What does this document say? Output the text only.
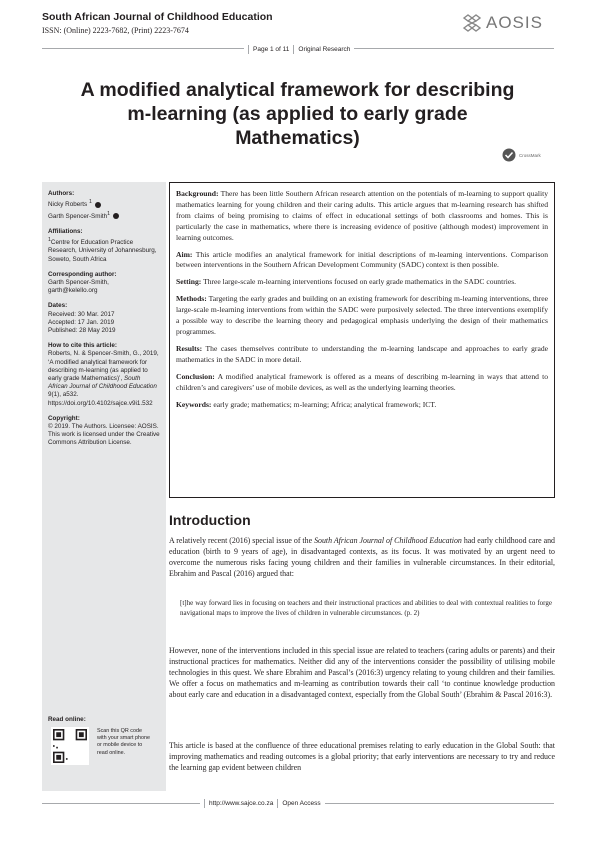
South African Journal of Childhood Education
ISSN: (Online) 2223-7682, (Print) 2223-7674	AOSIS
Page 1 of 11 Original Research
A modified analytical framework for describing m-learning (as applied to early grade Mathematics)
CrossMark
Authors:
Nicky Roberts $^1$
Garth Spencer-Smith$^1$
Affiliations:
$^1$Centre for Education Practice Research, University of Johannesburg, Soweto, South Africa
Corresponding author:
Garth Spencer-Smith,
garth@kelello.org
Dates:
Received: 30 Mar. 2017
Accepted: 17 Jan. 2019
Published: 28 May 2019
How to cite this article:
Roberts, N. & Spencer-Smith, G., 2019, ‘A modified analytical framework for describing m-learning (as applied to early grade Mathematics)’, South African Journal of Childhood Education 9(1), a532. https://doi.org/10.4102/sajce.v9i1.532
Copyright:
© 2019. The Authors. Licensee: AOSIS. This work is licensed under the Creative Commons Attribution License.
Read online:
Scan this QR code with your smart phone or mobile device to read online.

Background: There has been little Southern African research attention on the potentials of m-learning to support quality mathematics learning for young children and their caring adults. This article argues that m-learning research has shifted from claims of being promising to claims of effect in educational settings of both classrooms and homes. This is particularly the case in mathematics, where there is increasing evidence of positive (although modest) improvement in learning outcomes.

Aim: This article modifies an analytical framework for initial descriptions of m-learning interventions. Comparison between interventions in the Southern African Development Community (SADC) context is then possible.

Setting: Three large-scale m-learning interventions focused on early grade mathematics in the SADC countries.

Methods: Targeting the early grades and building on an existing framework for describing m-learning interventions, three large-scale m-learning interventions from within the SADC were purposively selected. The three interventions exemplify a possible way to describe the learning theory and pedagogical emphasis underlying the design of their mathematics programmes.

Results: The cases themselves contribute to understanding the m-learning landscape and approaches to early grade mathematics in the SADC in more detail.

Conclusion: A modified analytical framework is offered as a means of describing m-learning in ways that attend to children’s and caregivers’ use of mobile devices, as well as the underlying learning theories.

Keywords: early grade; mathematics; m-learning; Africa; analytical framework; ICT.

Introduction
A relatively recent (2016) special issue of the South African Journal of Childhood Education had early childhood care and education (birth to 9 years of age), in disadvantaged contexts, as its focus. It was motivated by an urgent need to overcome the numerous risks facing young children and their families in vulnerable circumstances. In their editorial, Ebrahim and Pascal (2016) argued that:
[t]he way forward lies in focusing on teachers and their instructional practices and abilities to deal with contextual realities to forge navigational maps to improve the lives of children in vulnerable circumstances. (p. 2)
However, none of the interventions included in this special issue are related to teachers (caring adults or parents) and their instructional practices for mathematics. Neither did any of the interventions consider the possibility of utilising mobile technologies in this quest. We share Ebrahim and Pascal’s (2016:3) urgency relating to young children and their families. We offer a focus on mathematics and m-learning as contribution towards their call ‘to continue knowledge production about early care and education in a disadvantaged context, especially from the Global South’ (Ebrahim & Pascal 2016:3).
This article is based at the confluence of three educational premises relating to early education in the Global South: that improving mathematics and reading outcomes is a global priority; that early interventions are necessary to try and reduce the learning gap evident between children
http://www.sajce.co.za Open Access
